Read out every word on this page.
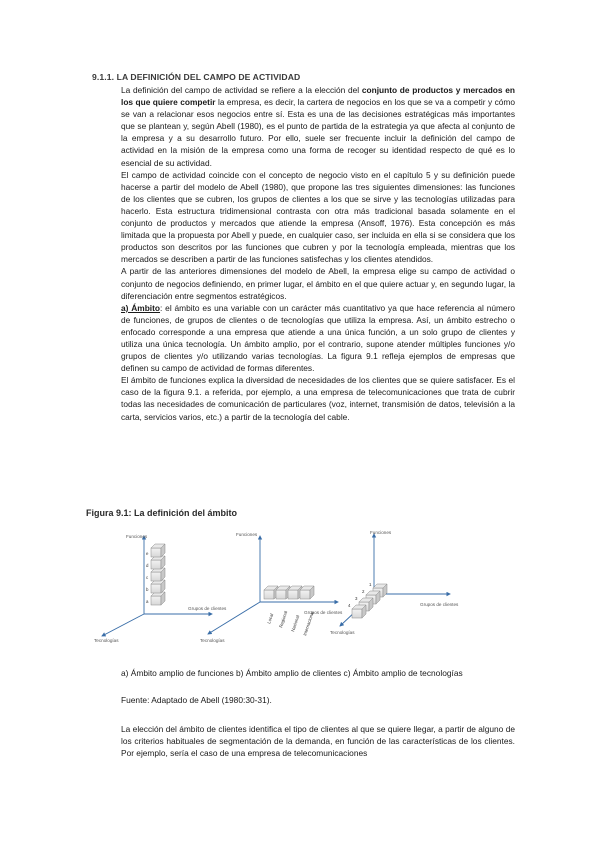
9.1.1. LA DEFINICIÓN DEL CAMPO DE ACTIVIDAD

La definición del campo de actividad se refiere a la elección del conjunto de productos y mercados en los que quiere competir la empresa, es decir, la cartera de negocios en los que se va a competir y cómo se van a relacionar esos negocios entre sí. Esta es una de las decisiones estratégicas más importantes que se plantean y, según Abell (1980), es el punto de partida de la estrategia ya que afecta al conjunto de la empresa y a su desarrollo futuro. Por ello, suele ser frecuente incluir la definición del campo de actividad en la misión de la empresa como una forma de recoger su identidad respecto de qué es lo esencial de su actividad.

El campo de actividad coincide con el concepto de negocio visto en el capítulo 5 y su definición puede hacerse a partir del modelo de Abell (1980), que propone las tres siguientes dimensiones: las funciones de los clientes que se cubren, los grupos de clientes a los que se sirve y las tecnologías utilizadas para hacerlo. Esta estructura tridimensional contrasta con otra más tradicional basada solamente en el conjunto de productos y mercados que atiende la empresa (Ansoff, 1976). Esta concepción es más limitada que la propuesta por Abell y puede, en cualquier caso, ser incluida en ella si se considera que los productos son descritos por las funciones que cubren y por la tecnología empleada, mientras que los mercados se describen a partir de las funciones satisfechas y los clientes atendidos.

A partir de las anteriores dimensiones del modelo de Abell, la empresa elige su campo de actividad o conjunto de negocios definiendo, en primer lugar, el ámbito en el que quiere actuar y, en segundo lugar, la diferenciación entre segmentos estratégicos.

a) Ámbito: el ámbito es una variable con un carácter más cuantitativo ya que hace referencia al número de funciones, de grupos de clientes o de tecnologías que utiliza la empresa. Así, un ámbito estrecho o enfocado corresponde a una empresa que atiende a una única función, a un solo grupo de clientes y utiliza una única tecnología. Un ámbito amplio, por el contrario, supone atender múltiples funciones y/o grupos de clientes y/o utilizando varias tecnologías. La figura 9.1 refleja ejemplos de empresas que definen su campo de actividad de formas diferentes.

El ámbito de funciones explica la diversidad de necesidades de los clientes que se quiere satisfacer. Es el caso de la figura 9.1. a referida, por ejemplo, a una empresa de telecomunicaciones que trata de cubrir todas las necesidades de comunicación de particulares (voz, internet, transmisión de datos, televisión a la carta, servicios varios, etc.) a partir de la tecnología del cable.

Figura 9.1: La definición del ámbito
Funciones
Grupos de clientes
Tecnologías
a
b
c
d
e
Funciones
Grupos de clientes
Tecnologías
Local Regional Nacional Internacional
Funciones
Grupos de clientes
Tecnologías
1
2
3
4
a) Ámbito amplio de funciones b) Ámbito amplio de clientes c) Ámbito amplio de tecnologías
Fuente: Adaptado de Abell (1980:30-31).

La elección del ámbito de clientes identifica el tipo de clientes al que se quiere llegar, a partir de alguno de los criterios habituales de segmentación de la demanda, en función de las características de los clientes. Por ejemplo, sería el caso de una empresa de telecomunicaciones
